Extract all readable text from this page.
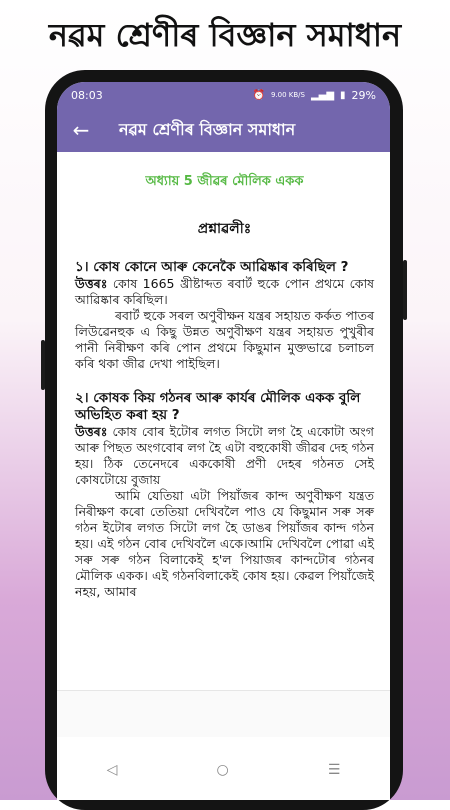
নৱম শ্ৰেণীৰ বিজ্ঞান সমাধান
08:03	⏰ 9.00 KB/S ▂▄▆ ▮ 29%
←	নৱম শ্ৰেণীৰ বিজ্ঞান সমাধান
অধ্যায় 5 জীৱৰ মৌলিক একক
প্ৰশ্নাৱলীঃ
১। কোষ কোনে আৰু কেনেকৈ আৱিষ্কাৰ কৰিছিল ?
উত্তৰঃ কোষ 1665 খ্ৰীষ্টাব্দত ৰবাৰ্ট হুকে পোন প্ৰথমে কোষ আৱিষ্কাৰ কৰিছিল।
ৰবাৰ্ট হুকে সৰল অণুবীক্ষন যন্ত্ৰৰ সহায়ত কৰ্কত পাতৰ লিউৱেনহুক এ কিছু উন্নত অণুবীক্ষণ যন্ত্ৰৰ সহায়ত পুখুৰীৰ পানী নিৰীক্ষণ কৰি পোন প্ৰথমে কিছুমান মুক্তভাৱে চলাচল কৰি থকা জীৱ দেখা পাইছিল।
২। কোষক কিয় গঠনৰ আৰু কাৰ্যৰ মৌলিক একক বুলি অভিহিত কৰা হয় ?
উত্তৰঃ কোষ বোৰ ইটোৰ লগত সিটো লগ হৈ একোটা অংগ আৰু পিছত অংগবোৰ লগ হৈ এটা বহুকোষী জীৱৰ দেহ গঠন হয়। ঠিক তেনেদৰে এককোষী প্ৰণী দেহৰ গঠনত সেই কোষটোয়ে বুজায়
আমি যেতিয়া এটা পিয়াঁজৰ কান্দ অণুবীক্ষণ যন্ত্ৰত নিৰীক্ষণ কৰো তেতিয়া দেখিবলৈ পাও যে কিছুমান সৰু সৰু গঠন ইটোৰ লগত সিটো লগ হৈ ডাঙৰ পিয়াঁজৰ কান্দ গঠন হয়। এই গঠন বোৰ দেখিবলৈ একে।আমি দেখিবলৈ পোৱা এই সৰু সৰু গঠন বিলাকেই হ'ল পিয়াজৰ কান্দটোৰ গঠনৰ মৌলিক একক। এই গঠনবিলাকেই কোষ হয়। কেৱল পিয়াঁজেই নহয়, আমাৰ
◁	○	☰
